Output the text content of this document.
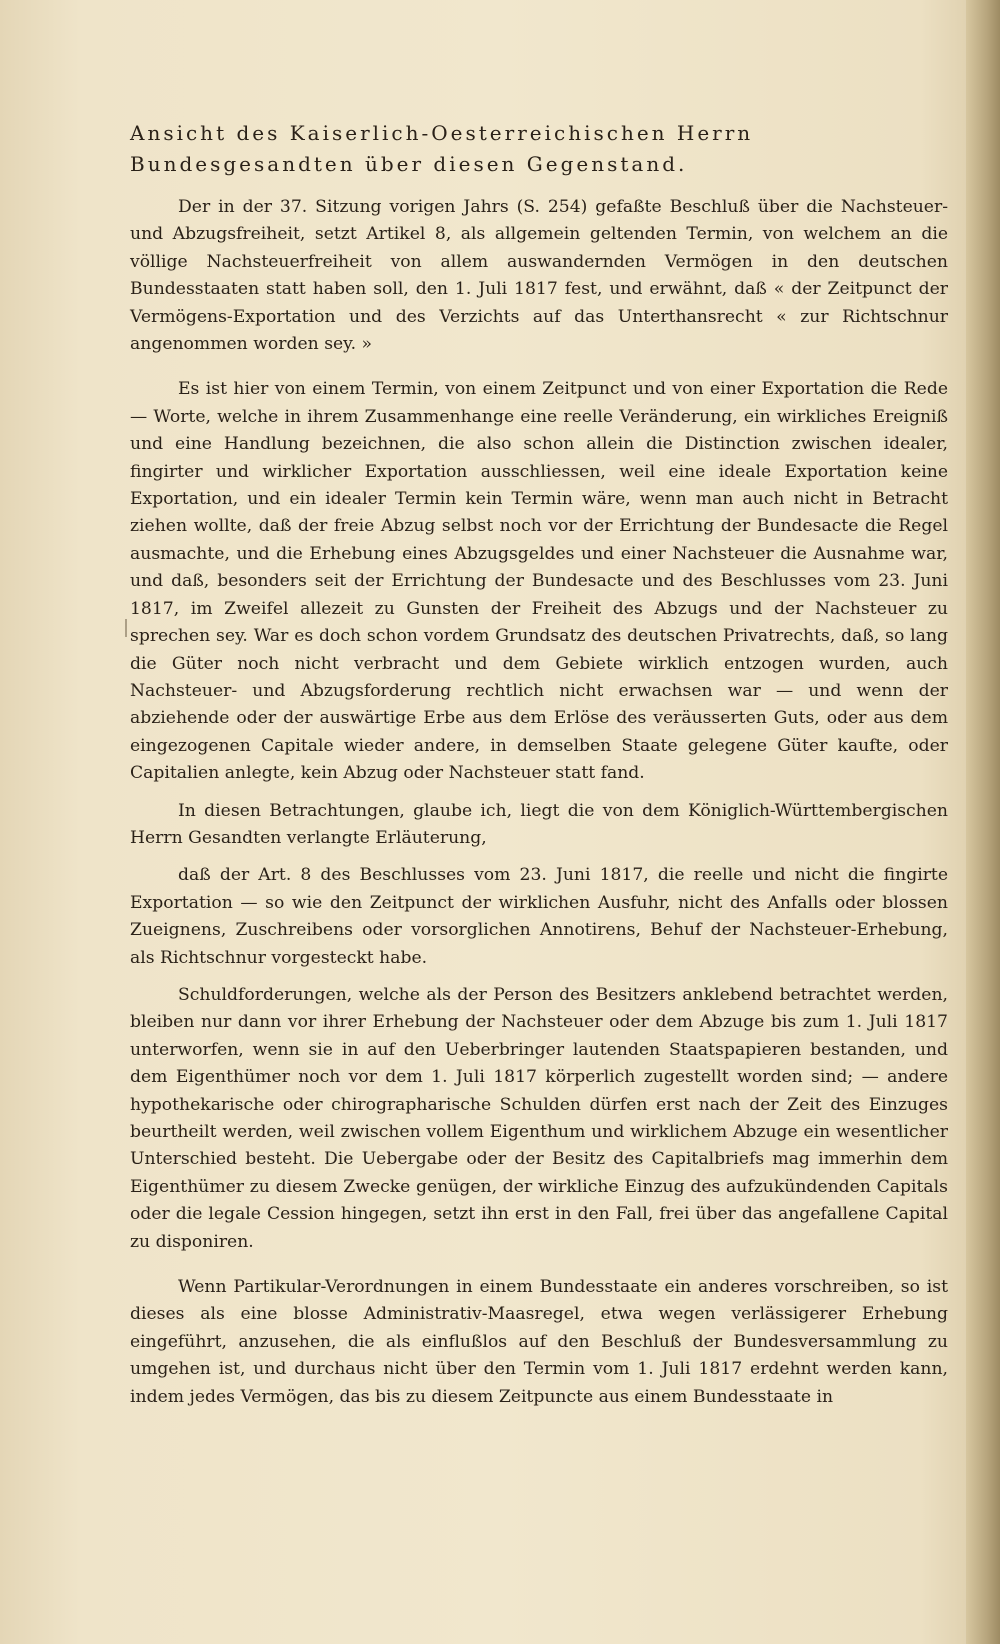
Ansicht des Kaiserlich-Oesterreichischen Herrn Bundesgesandten über diesen Gegenstand.

Der in der 37. Sitzung vorigen Jahrs (S. 254) gefaßte Beschluß über die Nachsteuer- und Abzugsfreiheit, setzt Artikel 8, als allgemein geltenden Termin, von welchem an die völlige Nachsteuerfreiheit von allem auswandernden Vermögen in den deutschen Bundesstaaten statt haben soll, den 1. Juli 1817 fest, und erwähnt, daß « der Zeitpunct der Vermögens-Exportation und des Verzichts auf das Unterthansrecht « zur Richtschnur angenommen worden sey. »

Es ist hier von einem Termin, von einem Zeitpunct und von einer Exportation die Rede — Worte, welche in ihrem Zusammenhange eine reelle Veränderung, ein wirkliches Ereigniß und eine Handlung bezeichnen, die also schon allein die Distinction zwischen idealer, fingirter und wirklicher Exportation ausschliessen, weil eine ideale Exportation keine Exportation, und ein idealer Termin kein Termin wäre, wenn man auch nicht in Betracht ziehen wollte, daß der freie Abzug selbst noch vor der Errichtung der Bundesacte die Regel ausmachte, und die Erhebung eines Abzugsgeldes und einer Nachsteuer die Ausnahme war, und daß, besonders seit der Errichtung der Bundesacte und des Beschlusses vom 23. Juni 1817, im Zweifel allezeit zu Gunsten der Freiheit des Abzugs und der Nachsteuer zu sprechen sey. War es doch schon vordem Grundsatz des deutschen Privatrechts, daß, so lang die Güter noch nicht verbracht und dem Gebiete wirklich entzogen wurden, auch Nachsteuer- und Abzugsforderung rechtlich nicht erwachsen war — und wenn der abziehende oder der auswärtige Erbe aus dem Erlöse des veräusserten Guts, oder aus dem eingezogenen Capitale wieder andere, in demselben Staate gelegene Güter kaufte, oder Capitalien anlegte, kein Abzug oder Nachsteuer statt fand.

In diesen Betrachtungen, glaube ich, liegt die von dem Königlich-Württembergischen Herrn Gesandten verlangte Erläuterung,

daß der Art. 8 des Beschlusses vom 23. Juni 1817, die reelle und nicht die fingirte Exportation — so wie den Zeitpunct der wirklichen Ausfuhr, nicht des Anfalls oder blossen Zueignens, Zuschreibens oder vorsorglichen Annotirens, Behuf der Nachsteuer-Erhebung, als Richtschnur vorgesteckt habe.

Schuldforderungen, welche als der Person des Besitzers anklebend betrachtet werden, bleiben nur dann vor ihrer Erhebung der Nachsteuer oder dem Abzuge bis zum 1. Juli 1817 unterworfen, wenn sie in auf den Ueberbringer lautenden Staatspapieren bestanden, und dem Eigenthümer noch vor dem 1. Juli 1817 körperlich zugestellt worden sind; — andere hypothekarische oder chirographarische Schulden dürfen erst nach der Zeit des Einzuges beurtheilt werden, weil zwischen vollem Eigenthum und wirklichem Abzuge ein wesentlicher Unterschied besteht. Die Uebergabe oder der Besitz des Capitalbriefs mag immerhin dem Eigenthümer zu diesem Zwecke genügen, der wirkliche Einzug des aufzukündenden Capitals oder die legale Cession hingegen, setzt ihn erst in den Fall, frei über das angefallene Capital zu disponiren.

Wenn Partikular-Verordnungen in einem Bundesstaate ein anderes vorschreiben, so ist dieses als eine blosse Administrativ-Maasregel, etwa wegen verlässigerer Erhebung eingeführt, anzusehen, die als einflußlos auf den Beschluß der Bundesversammlung zu umgehen ist, und durchaus nicht über den Termin vom 1. Juli 1817 erdehnt werden kann, indem jedes Vermögen, das bis zu diesem Zeitpuncte aus einem Bundesstaate in
